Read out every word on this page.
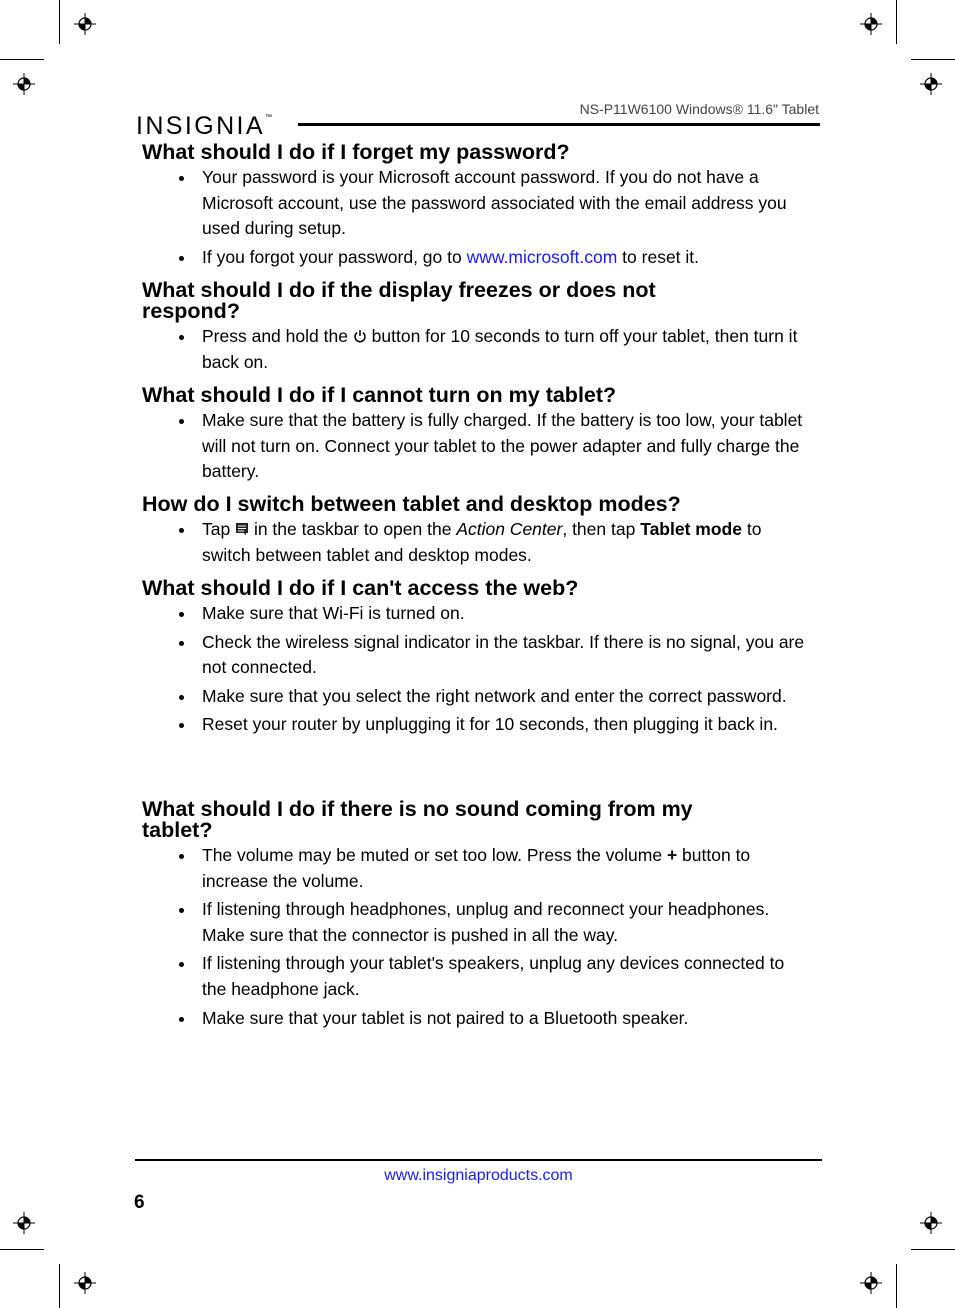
INSIGNIA™
NS-P11W6100 Windows® 11.6" Tablet
What should I do if I forget my password?
Your password is your Microsoft account password. If you do not have a Microsoft account, use the password associated with the email address you used during setup.
If you forgot your password, go to www.microsoft.com to reset it.
What should I do if the display freezes or does not respond?
Press and hold the  button for 10 seconds to turn off your tablet, then turn it back on.
What should I do if I cannot turn on my tablet?
Make sure that the battery is fully charged. If the battery is too low, your tablet will not turn on. Connect your tablet to the power adapter and fully charge the battery.
How do I switch between tablet and desktop modes?
Tap  in the taskbar to open the Action Center, then tap Tablet mode to switch between tablet and desktop modes.
What should I do if I can't access the web?
Make sure that Wi-Fi is turned on.
Check the wireless signal indicator in the taskbar. If there is no signal, you are not connected.
Make sure that you select the right network and enter the correct password.
Reset your router by unplugging it for 10 seconds, then plugging it back in.
What should I do if there is no sound coming from my tablet?
The volume may be muted or set too low. Press the volume + button to increase the volume.
If listening through headphones, unplug and reconnect your headphones. Make sure that the connector is pushed in all the way.
If listening through your tablet's speakers, unplug any devices connected to the headphone jack.
Make sure that your tablet is not paired to a Bluetooth speaker.
www.insigniaproducts.com
6
